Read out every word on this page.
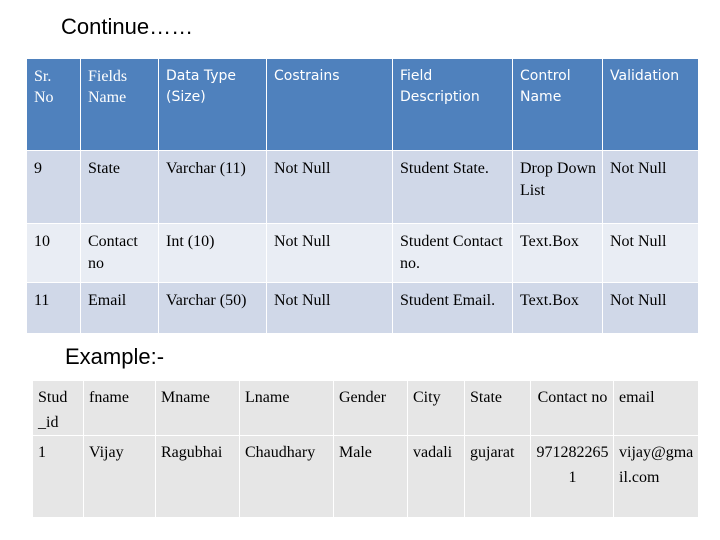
Continue……
Sr. No	Fields Name	Data Type (Size)	Costrains	Field Description	Control Name	Validation
9	State	Varchar (11)	Not Null	Student State.	Drop Down List	Not Null
10	Contact no	Int (10)	Not Null	Student Contact no.	Text.Box	Not Null
11	Email	Varchar (50)	Not Null	Student Email.	Text.Box	Not Null
Example:-
Stud _id	fname	Mname	Lname	Gender	City	State	Contact no	email
1	Vijay	Ragubhai	Chaudhary	Male	vadali	gujarat	9712822651	vijay@gmail.com
